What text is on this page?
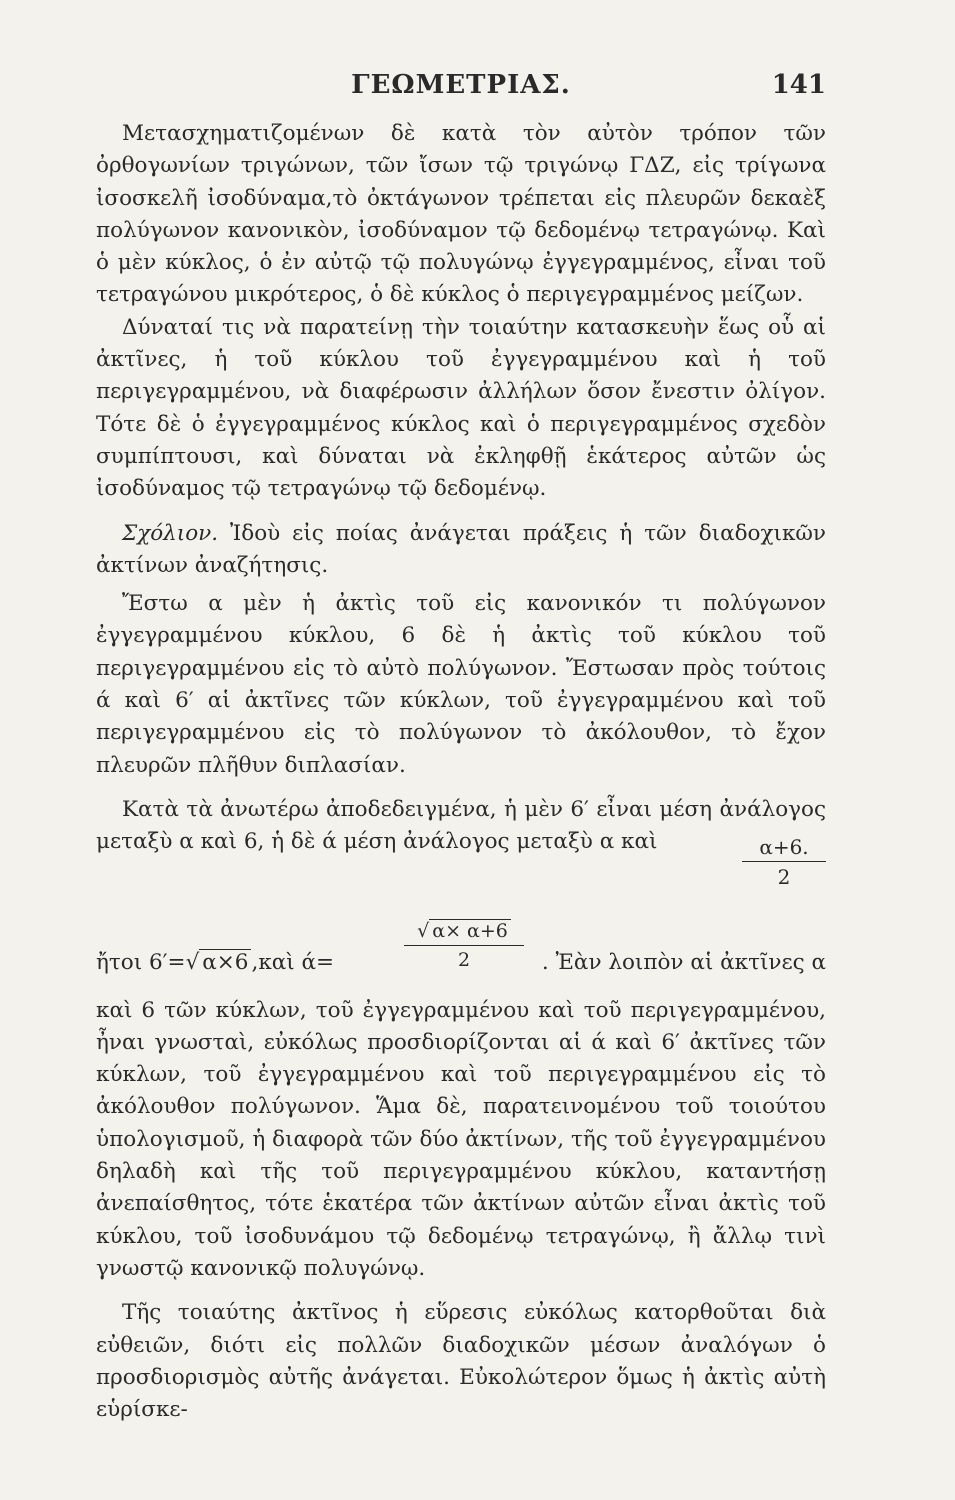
ΓΕΩΜΕΤΡΙΑΣ.	141

Μετασχηματιζομένων δὲ κατὰ τὸν αὐτὸν τρόπον τῶν ὀρθογωνίων τριγώνων, τῶν ἴσων τῷ τριγώνῳ ΓΔΖ, εἰς τρίγωνα ἰσοσκελῆ ἰσοδύναμα,τὸ ὀκτάγωνον τρέπεται εἰς πλευρῶν δεκαὲξ πολύγωνον κανονικὸν, ἰσοδύναμον τῷ δεδομένῳ τετραγώνῳ. Καὶ ὁ μὲν κύκλος, ὁ ἐν αὐτῷ τῷ πολυγώνῳ ἐγγεγραμμένος, εἶναι τοῦ τετραγώνου μικρότερος, ὁ δὲ κύκλος ὁ περιγεγραμμένος μείζων.

Δύναταί τις νὰ παρατείνῃ τὴν τοιαύτην κατασκευὴν ἕως οὗ αἱ ἀκτῖνες, ἡ τοῦ κύκλου τοῦ ἐγγεγραμμένου καὶ ἡ τοῦ περιγεγραμμένου, νὰ διαφέρωσιν ἀλλήλων ὅσον ἔνεστιν ὀλίγον. Τότε δὲ ὁ ἐγγεγραμμένος κύκλος καὶ ὁ περιγεγραμμένος σχεδὸν συμπίπτουσι, καὶ δύναται νὰ ἐκληφθῇ ἑκάτερος αὐτῶν ὡς ἰσοδύναμος τῷ τετραγώνῳ τῷ δεδομένῳ.

Σχόλιον. Ἰδοὺ εἰς ποίας ἀνάγεται πράξεις ἡ τῶν διαδοχικῶν ἀκτίνων ἀναζήτησις.

Ἔστω α μὲν ἡ ἀκτὶς τοῦ εἰς κανονικόν τι πολύγωνον ἐγγεγραμμένου κύκλου, 6 δὲ ἡ ἀκτὶς τοῦ κύκλου τοῦ περιγεγραμμένου εἰς τὸ αὐτὸ πολύγωνον. Ἔστωσαν πρὸς τούτοις ά καὶ 6′ αἱ ἀκτῖνες τῶν κύκλων, τοῦ ἐγγεγραμμένου καὶ τοῦ περιγεγραμμένου εἰς τὸ πολύγωνον τὸ ἀκόλουθον, τὸ ἔχον πλευρῶν πλῆθυν διπλασίαν.

Κατὰ τὰ ἀνωτέρω ἀποδεδειγμένα, ἡ μὲν 6′ εἶναι μέση ἀνάλογος μεταξὺ α καὶ 6, ἡ δὲ ά μέση ἀνάλογος μεταξὺ α καὶ	$\frac{\alpha+6.}{2}$
ἤτοι 6′=√ α×6 ,καὶ ά=	$\frac{√ \alpha\times \alpha+6}{2}$ . Ἐὰν λοιπὸν αἱ ἀκτῖνες α

καὶ 6 τῶν κύκλων, τοῦ ἐγγεγραμμένου καὶ τοῦ περιγεγραμμένου, ἦναι γνωσταὶ, εὐκόλως προσδιορίζονται αἱ ά καὶ 6′ ἀκτῖνες τῶν κύκλων, τοῦ ἐγγεγραμμένου καὶ τοῦ περιγεγραμμένου εἰς τὸ ἀκόλουθον πολύγωνον. Ἅμα δὲ, παρατεινομένου τοῦ τοιούτου ὑπολογισμοῦ, ἡ διαφορὰ τῶν δύο ἀκτίνων, τῆς τοῦ ἐγγεγραμμένου δηλαδὴ καὶ τῆς τοῦ περιγεγραμμένου κύκλου, καταντήσῃ ἀνεπαίσθητος, τότε ἑκατέρα τῶν ἀκτίνων αὐτῶν εἶναι ἀκτὶς τοῦ κύκλου, τοῦ ἰσοδυνάμου τῷ δεδομένῳ τετραγώνῳ, ἢ ἄλλῳ τινὶ γνωστῷ κανονικῷ πολυγώνῳ.

Τῆς τοιαύτης ἀκτῖνος ἡ εὕρεσις εὐκόλως κατορθοῦται διὰ εὐθειῶν, διότι εἰς πολλῶν διαδοχικῶν μέσων ἀναλόγων ὁ προσδιορισμὸς αὐτῆς ἀνάγεται. Εὐκολώτερον ὅμως ἡ ἀκτὶς αὐτὴ εὑρίσκε-
